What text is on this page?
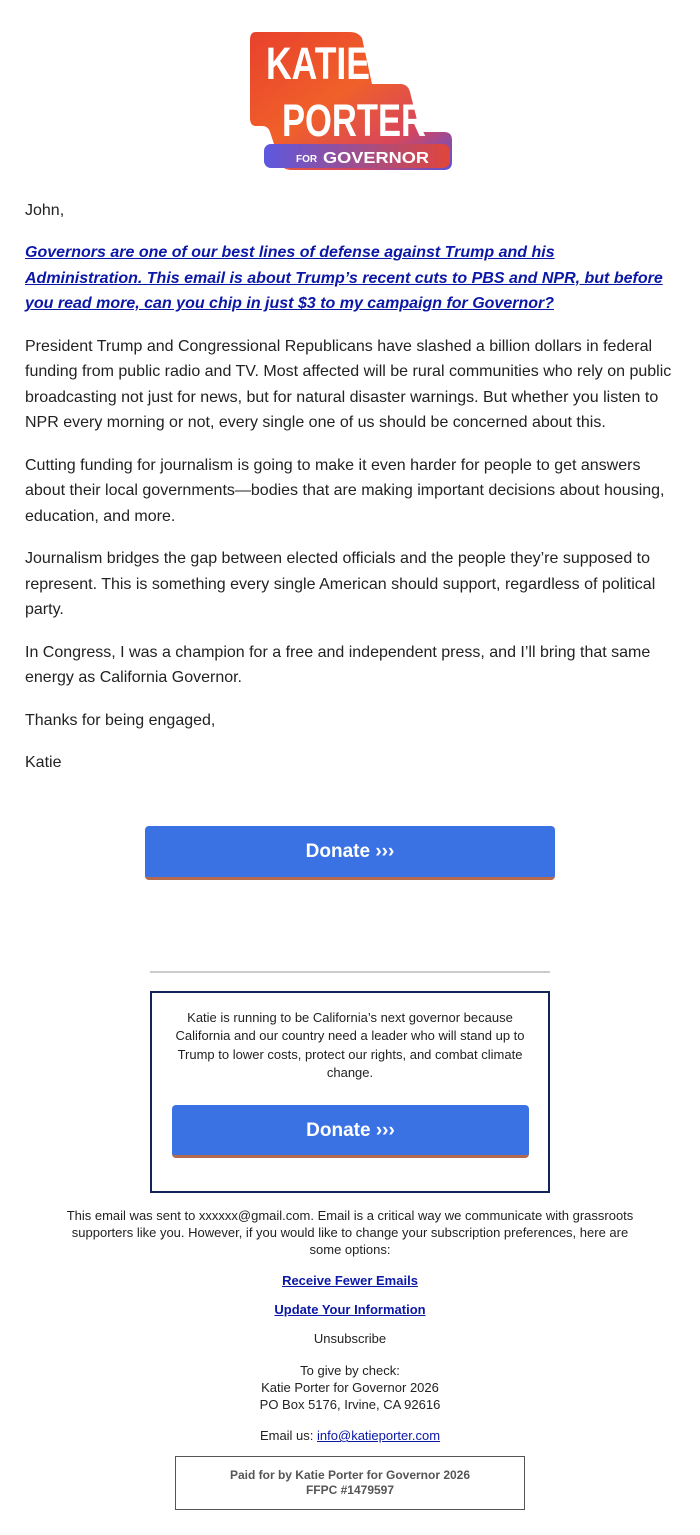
KATIE
PORTER
FOR GOVERNOR

John,

Governors are one of our best lines of defense against Trump and his Administration. This email is about Trump’s recent cuts to PBS and NPR, but before you read more, can you chip in just $3 to my campaign for Governor?

President Trump and Congressional Republicans have slashed a billion dollars in federal funding from public radio and TV. Most affected will be rural communities who rely on public broadcasting not just for news, but for natural disaster warnings. But whether you listen to NPR every morning or not, every single one of us should be concerned about this.

Cutting funding for journalism is going to make it even harder for people to get answers about their local governments—bodies that are making important decisions about housing, education, and more.

Journalism bridges the gap between elected officials and the people they’re supposed to represent. This is something every single American should support, regardless of political party.

In Congress, I was a champion for a free and independent press, and I’ll bring that same energy as California Governor.

Thanks for being engaged,

Katie

Donate ›››

Katie is running to be California’s next governor because California and our country need a leader who will stand up to Trump to lower costs, protect our rights, and combat climate change.

Donate ›››

This email was sent to xxxxxx@gmail.com. Email is a critical way we communicate with grassroots supporters like you. However, if you would like to change your subscription preferences, here are some options:

Receive Fewer Emails
Update Your Information

Unsubscribe

To give by check:

Katie Porter for Governor 2026

PO Box 5176, Irvine, CA 92616

Email us: info@katieporter.com

Paid for by Katie Porter for Governor 2026
FFPC #1479597
